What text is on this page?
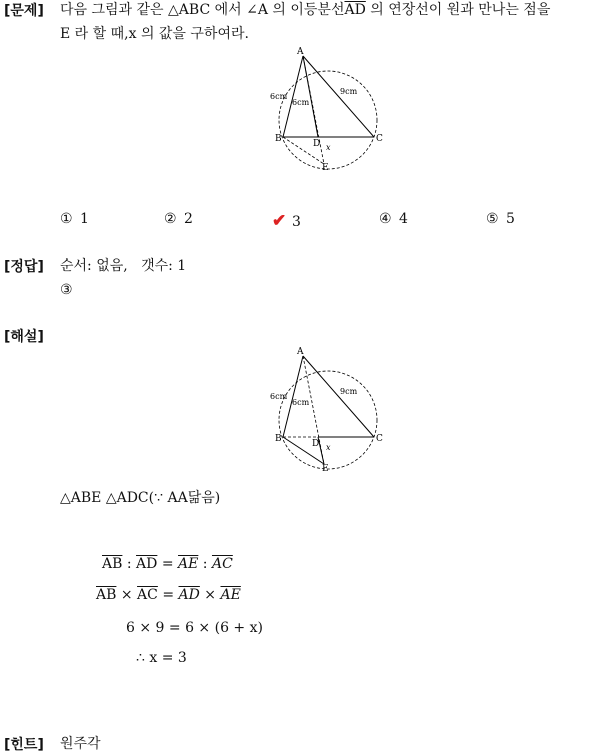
[문제] 다음 그림과 같은 △ABC 에서 ∠A 의 이등분선$\overline{AD}$ 의 연장선이 원과 만나는 점을
E 라 할 때,x 의 값을 구하여라.
A
B	C
D
E
6cm
6cm
9cm
x
① 1	② 2	✔ 3	④ 4	⑤ 5
[정답] 순서: 없음,   갯수: 1
③
[해설]
A
B	C
D
E
6cm
6cm
9cm
x
△ABE △ADC(∵ AA닮음)
$\overline{AB}$ : $\overline{AD} = \overline{AE}$ : $\overline{AC}$
$\overline{AB} \times \overline{AC} = \overline{AD} \times \overline{AE}$
6 × 9 = 6 × (6 + x)
∴ x = 3
[힌트] 원주각
